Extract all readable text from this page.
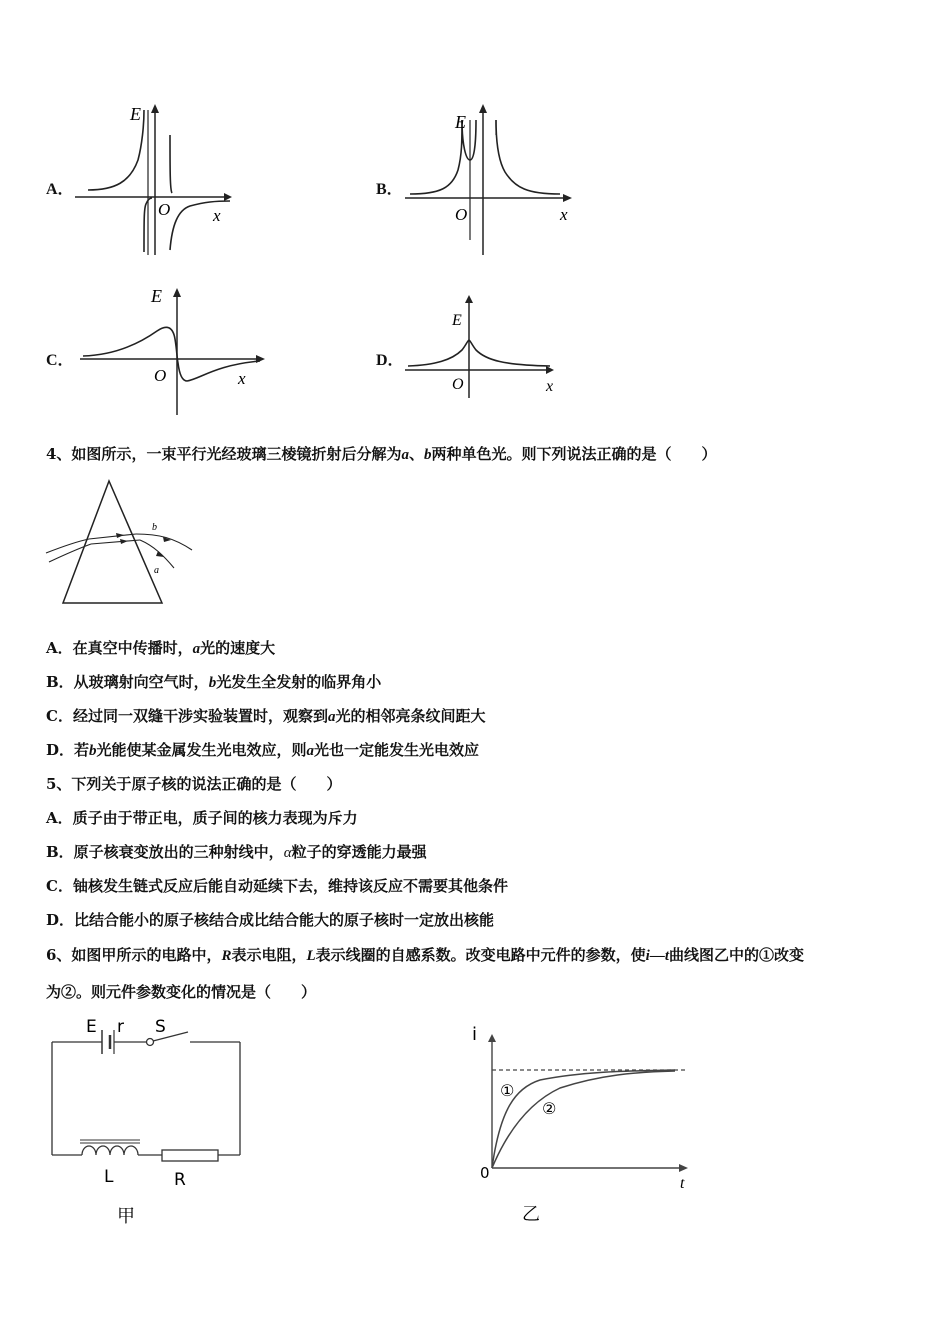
A．
E
O	x
B．
E
O	x
C．
E
O	x
D．
E
O	x
4、如图所示，一束平行光经玻璃三棱镜折射后分解为a、b两种单色光。则下列说法正确的是（　　）
b
a
A．在真空中传播时，a光的速度大
B．从玻璃射向空气时，b光发生全发射的临界角小
C．经过同一双缝干涉实验装置时，观察到a光的相邻亮条纹间距大
D．若b光能使某金属发生光电效应，则a光也一定能发生光电效应
5、下列关于原子核的说法正确的是（　　）
A．质子由于带正电，质子间的核力表现为斥力
B．原子核衰变放出的三种射线中，α粒子的穿透能力最强
C．铀核发生链式反应后能自动延续下去，维持该反应不需要其他条件
D．比结合能小的原子核结合成比结合能大的原子核时一定放出核能
6、如图甲所示的电路中，R表示电阻，L表示线圈的自感系数。改变电路中元件的参数，使i—t曲线图乙中的①改变
为②。则元件参数变化的情况是（　　）
E r S
L	R
甲
i
t
0
①
②
乙
